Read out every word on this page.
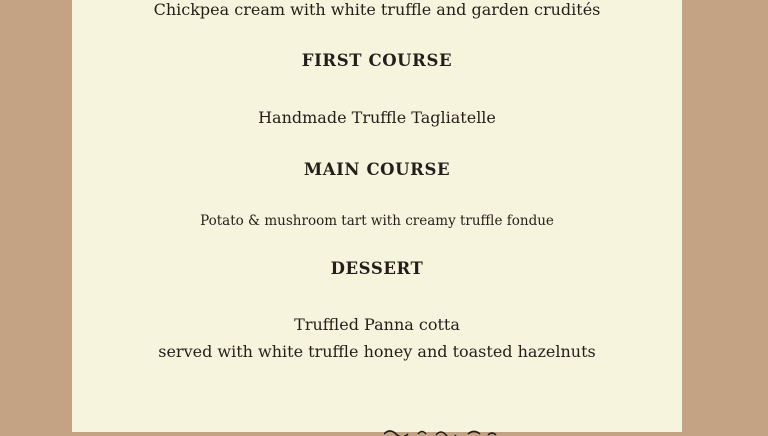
Chickpea cream with white truffle and garden crudités
FIRST COURSE
Handmade Truffle Tagliatelle
MAIN COURSE
Potato & mushroom tart with creamy truffle fondue
DESSERT
Truffled Panna cotta
served with white truffle honey and toasted hazelnuts
